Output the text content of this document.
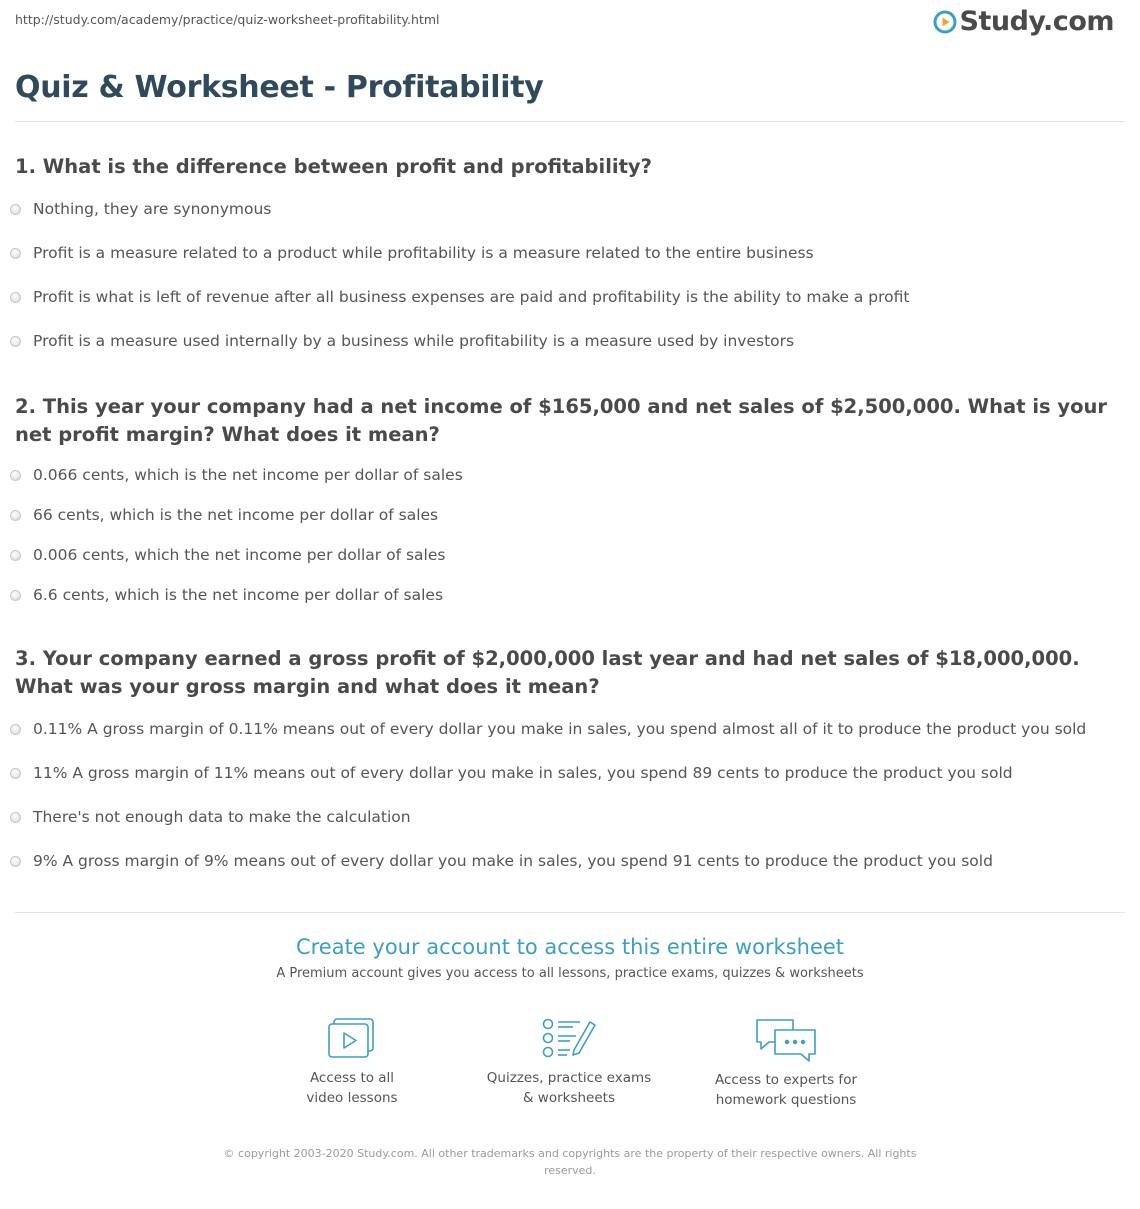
http://study.com/academy/practice/quiz-worksheet-profitability.html	Study.com
Quiz & Worksheet - Profitability
1. What is the difference between profit and profitability?
Nothing, they are synonymous
Profit is a measure related to a product while profitability is a measure related to the entire business
Profit is what is left of revenue after all business expenses are paid and profitability is the ability to make a profit
Profit is a measure used internally by a business while profitability is a measure used by investors
2. This year your company had a net income of $165,000 and net sales of $2,500,000. What is your net profit margin? What does it mean?
0.066 cents, which is the net income per dollar of sales
66 cents, which is the net income per dollar of sales
0.006 cents, which the net income per dollar of sales
6.6 cents, which is the net income per dollar of sales
3. Your company earned a gross profit of $2,000,000 last year and had net sales of $18,000,000. What was your gross margin and what does it mean?
0.11% A gross margin of 0.11% means out of every dollar you make in sales, you spend almost all of it to produce the product you sold
11% A gross margin of 11% means out of every dollar you make in sales, you spend 89 cents to produce the product you sold
There's not enough data to make the calculation
9% A gross margin of 9% means out of every dollar you make in sales, you spend 91 cents to produce the product you sold
Create your account to access this entire worksheet
A Premium account gives you access to all lessons, practice exams, quizzes & worksheets
Access to all
video lessons
Quizzes, practice exams
& worksheets
Access to experts for
homework questions
© copyright 2003-2020 Study.com. All other trademarks and copyrights are the property of their respective owners. All rights
reserved.
